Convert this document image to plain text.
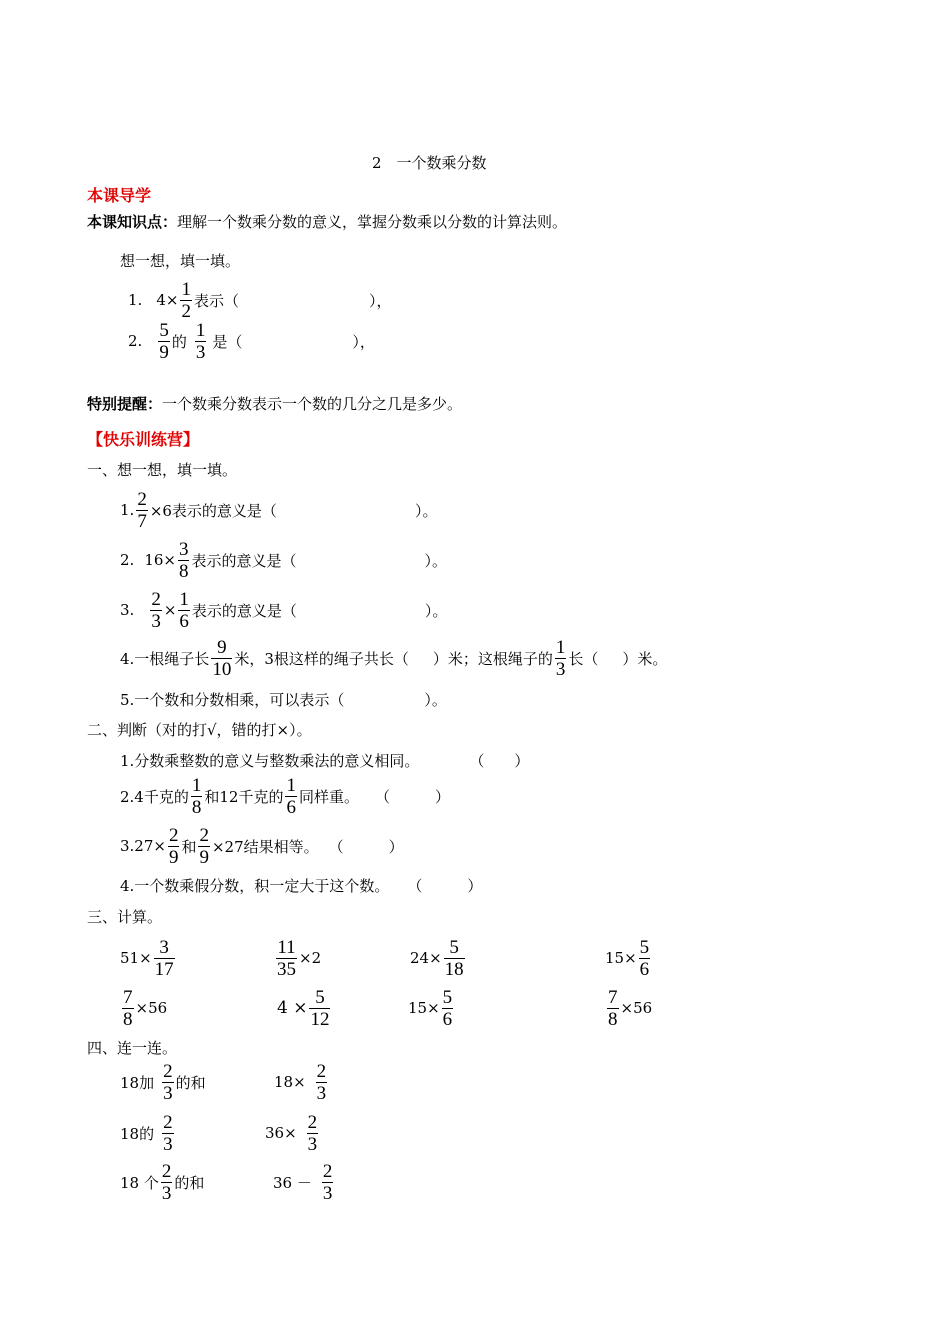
2　一个数乘分数
本课导学
本课知识点：理解一个数乘分数的意义，掌握分数乘以分数的计算法则。
想一想，填一填。
1. $4\times \frac{1}{2}$ 表示（	），
2. $\frac{5}{9}$ 的 $\frac{1}{3}$ 是（	），
特别提醒：一个数乘分数表示一个数的几分之几是多少。
【快乐训练营】
一、想一想，填一填。
1. $\frac{2}{7} \times 6$表示的意义是（	）。
2. $16\times \frac{3}{8}$ 表示的意义是（	）。
3. $\frac{2}{3} \times \frac{1}{6}$ 表示的意义是（	）。
4.一根绳子长 $\frac{9}{10}$ 米，3根这样的绳子共长（ ）米；这根绳子的 $\frac{1}{3}$ 长（ ）米。
5.一个数和分数相乘，可以表示（	）。
二、判断（对的打√，错的打×）。
1.分数乘整数的意义与整数乘法的意义相同。	（　　）
2.4千克的 $\frac{1}{8}$ 和12千克的 $\frac{1}{6}$ 同样重。 （　　　）
$3.27\times \frac{2}{9}$ 和 $\frac{2}{9} \times 27$结果相等。 （　　　）
4.一个数乘假分数，积一定大于这个数。 （　　　）
三、计算。
$51\times \frac{3}{17}$	$\frac{11}{35} \times 2$	$24\times \frac{5}{18}$	$15\times \frac{5}{6}$
$\frac{7}{8} \times 56$	$4 \times \frac{5}{12}$	$15\times \frac{5}{6}$	$\frac{7}{8} \times 56$
四、连一连。
18加 $\frac{2}{3}$ 的和
18的 $\frac{2}{3}$
18 个 $\frac{2}{3}$ 的和
$18\times \frac{2}{3}$
$36\times \frac{2}{3}$
$36 - \frac{2}{3}$
